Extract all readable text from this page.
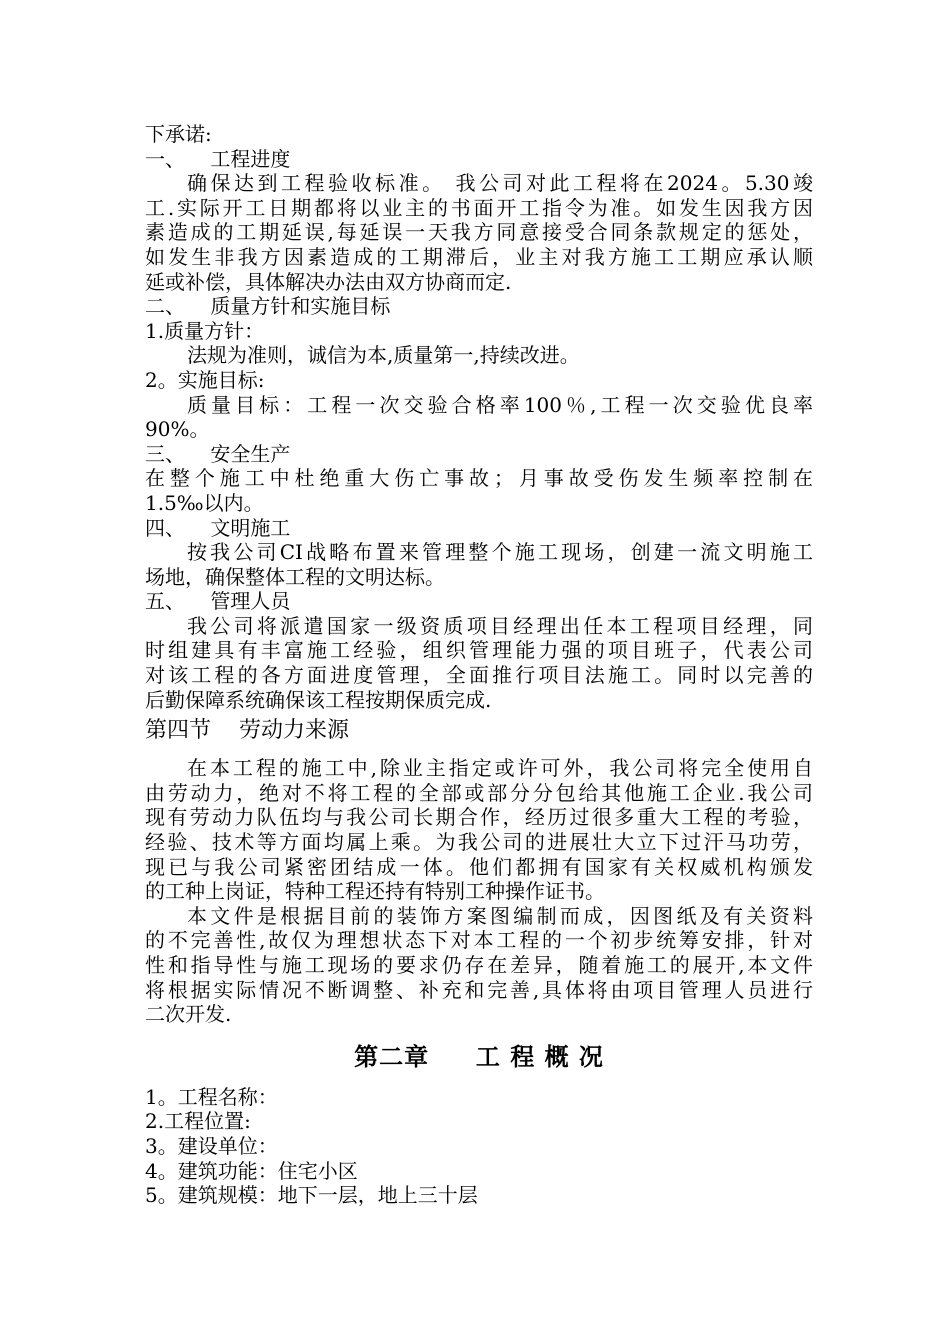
下承诺:
一、    工程进度
确保达到工程验收标准。 我公司对此工程将在2024。5.30竣
工.实际开工日期都将以业主的书面开工指令为准。如发生因我方因
素造成的工期延误,每延误一天我方同意接受合同条款规定的惩处，
如发生非我方因素造成的工期滞后，业主对我方施工工期应承认顺
延或补偿，具体解决办法由双方协商而定.
二、    质量方针和实施目标
1.质量方针：
法规为准则，诚信为本,质量第一,持续改进。
2。实施目标:
质量目标：工程一次交验合格率100％,工程一次交验优良率
90%。
三、    安全生产
在整个施工中杜绝重大伤亡事故；月事故受伤发生频率控制在
1.5‰以内。
四、    文明施工
按我公司CI战略布置来管理整个施工现场，创建一流文明施工
场地，确保整体工程的文明达标。
五、    管理人员
我公司将派遣国家一级资质项目经理出任本工程项目经理，同
时组建具有丰富施工经验，组织管理能力强的项目班子，代表公司
对该工程的各方面进度管理，全面推行项目法施工。同时以完善的
后勤保障系统确保该工程按期保质完成.
第四节    劳动力来源
在本工程的施工中,除业主指定或许可外，我公司将完全使用自
由劳动力，绝对不将工程的全部或部分分包给其他施工企业.我公司
现有劳动力队伍均与我公司长期合作，经历过很多重大工程的考验，
经验、技术等方面均属上乘。为我公司的进展壮大立下过汗马功劳，
现已与我公司紧密团结成一体。他们都拥有国家有关权威机构颁发
的工种上岗证，特种工程还持有特别工种操作证书。
本文件是根据目前的装饰方案图编制而成，因图纸及有关资料
的不完善性,故仅为理想状态下对本工程的一个初步统筹安排，针对
性和指导性与施工现场的要求仍存在差异，随着施工的展开,本文件
将根据实际情况不断调整、补充和完善,具体将由项目管理人员进行
二次开发.
第二章     工 程 概 况
1。工程名称：
2.工程位置:
3。建设单位：
4。建筑功能：住宅小区
5。建筑规模：地下一层，地上三十层
